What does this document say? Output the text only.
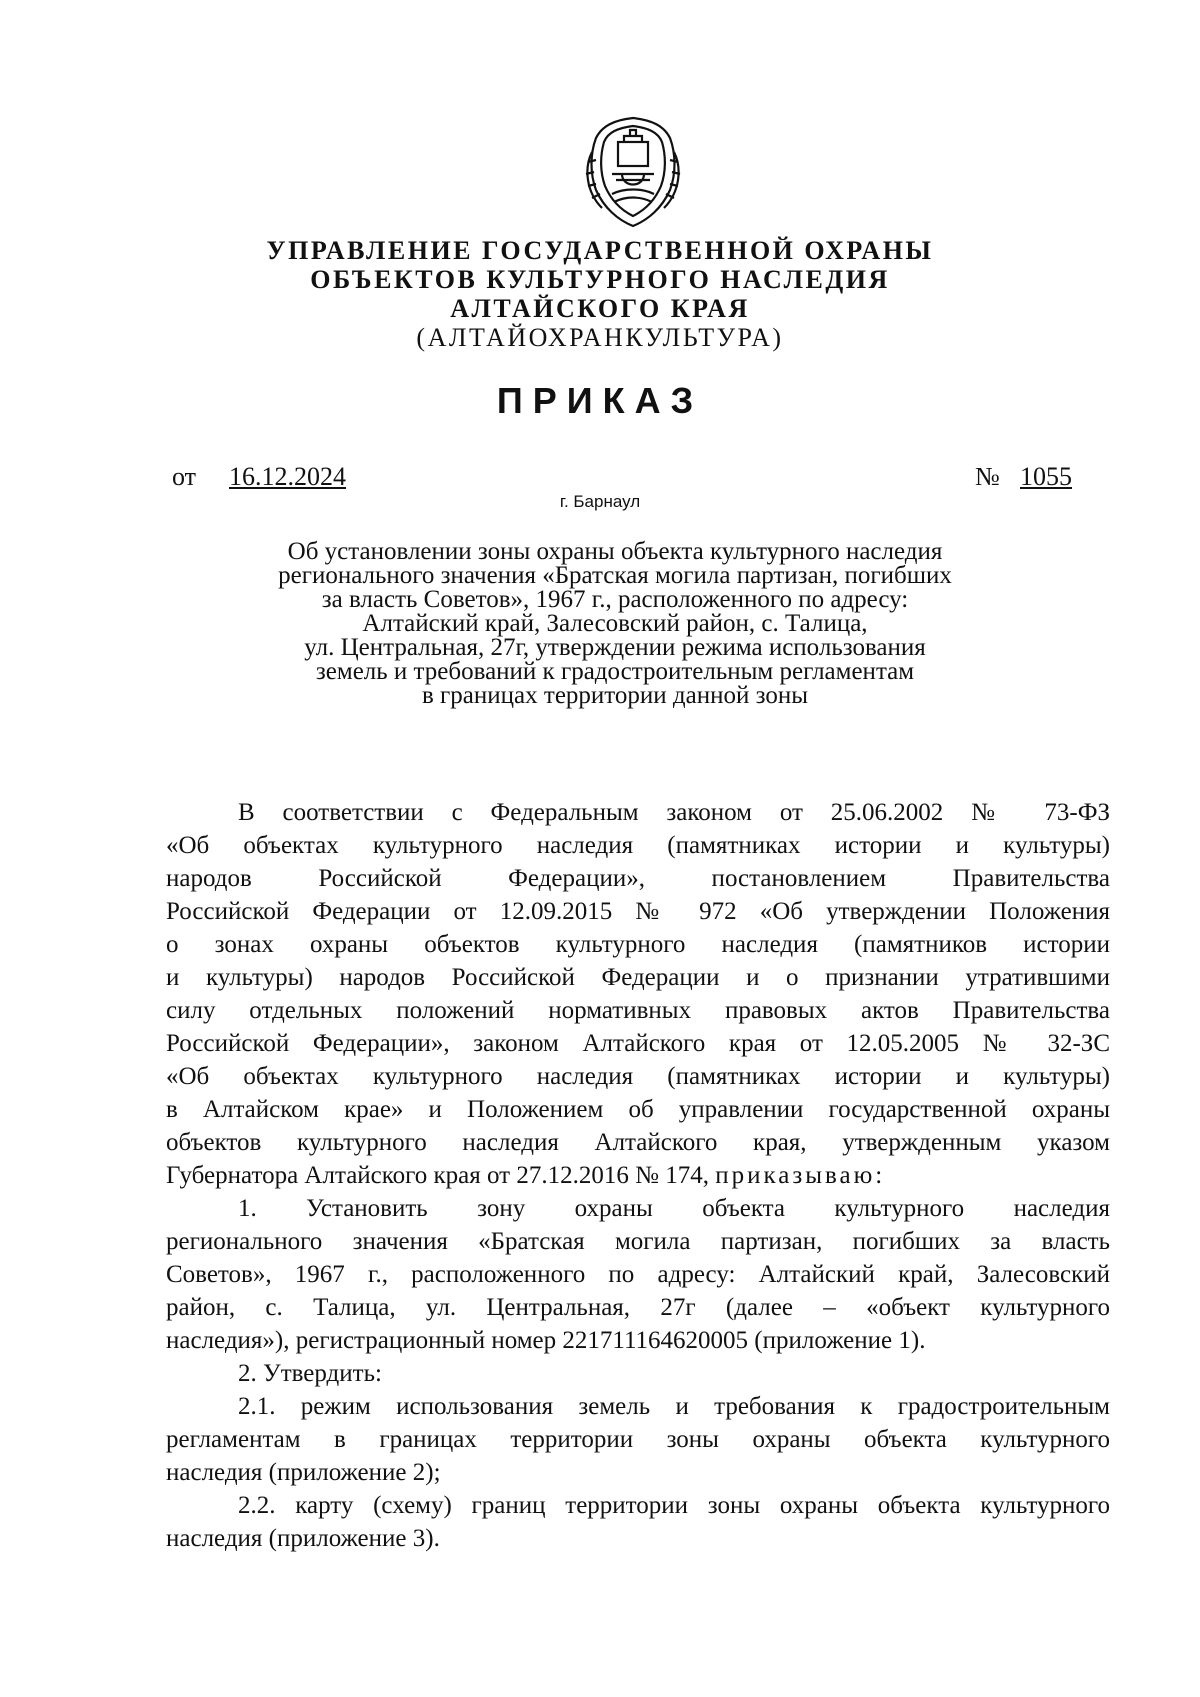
УПРАВЛЕНИЕ ГОСУДАРСТВЕННОЙ ОХРАНЫ
ОБЪЕКТОВ КУЛЬТУРНОГО НАСЛЕДИЯ
АЛТАЙСКОГО КРАЯ
(АЛТАЙОХРАНКУЛЬТУРА)
ПРИКАЗ
от 16.12.2024	№ 1055
г. Барнаул
Об установлении зоны охраны объекта культурного наследия
регионального значения «Братская могила партизан, погибших
за власть Советов», 1967 г., расположенного по адресу:
Алтайский край, Залесовский район, с. Талица,
ул. Центральная, 27г, утверждении режима использования
земель и требований к градостроительным регламентам
в границах территории данной зоны
В соответствии с Федеральным законом от 25.06.2002 № 73-ФЗ
«Об объектах культурного наследия (памятниках истории и культуры)
народов Российской Федерации», постановлением Правительства
Российской Федерации от 12.09.2015 № 972 «Об утверждении Положения
о зонах охраны объектов культурного наследия (памятников истории
и культуры) народов Российской Федерации и о признании утратившими
силу отдельных положений нормативных правовых актов Правительства
Российской Федерации», законом Алтайского края от 12.05.2005 № 32-ЗС
«Об объектах культурного наследия (памятниках истории и культуры)
в Алтайском крае» и Положением об управлении государственной охраны
объектов культурного наследия Алтайского края, утвержденным указом
Губернатора Алтайского края от 27.12.2016 № 174, приказываю:
1. Установить зону охраны объекта культурного наследия
регионального значения «Братская могила партизан, погибших за власть
Советов», 1967 г., расположенного по адресу: Алтайский край, Залесовский
район, с. Талица, ул. Центральная, 27г (далее – «объект культурного
наследия»), регистрационный номер 221711164620005 (приложение 1).
2. Утвердить:
2.1. режим использования земель и требования к градостроительным
регламентам в границах территории зоны охраны объекта культурного
наследия (приложение 2);
2.2. карту (схему) границ территории зоны охраны объекта культурного
наследия (приложение 3).
